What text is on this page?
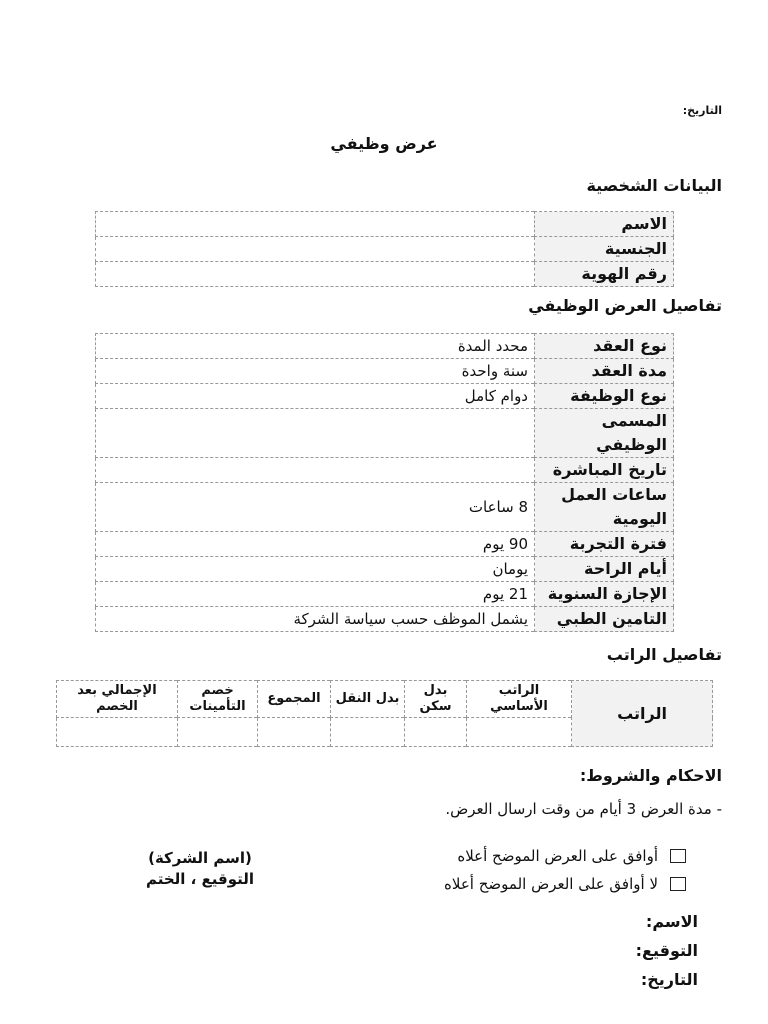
التاريخ:
عرض وظيفي
البيانات الشخصية
الاسم	
الجنسية	
رقم الهوية	
تفاصيل العرض الوظيفي
نوع العقد	محدد المدة
مدة العقد	سنة واحدة
نوع الوظيفة	دوام كامل
المسمى الوظيفي	
تاريخ المباشرة	
ساعات العمل اليومية	8 ساعات
فترة التجربة	90 يوم
أيام الراحة	يومان
الإجازة السنوية	21 يوم
التامين الطبي	يشمل الموظف حسب سياسة الشركة
تفاصيل الراتب
الراتب	الراتب الأساسي	بدل سكن	بدل النقل	المجموع	خصم التأمينات	الإجمالي بعد الخصم

الاحكام والشروط:
- مدة العرض 3 أيام من وقت ارسال العرض.
أوافق على العرض الموضح أعلاه
لا أوافق على العرض الموضح أعلاه
(اسم الشركة)
التوقيع ، الختم
الاسم:
التوقيع:
التاريخ:
